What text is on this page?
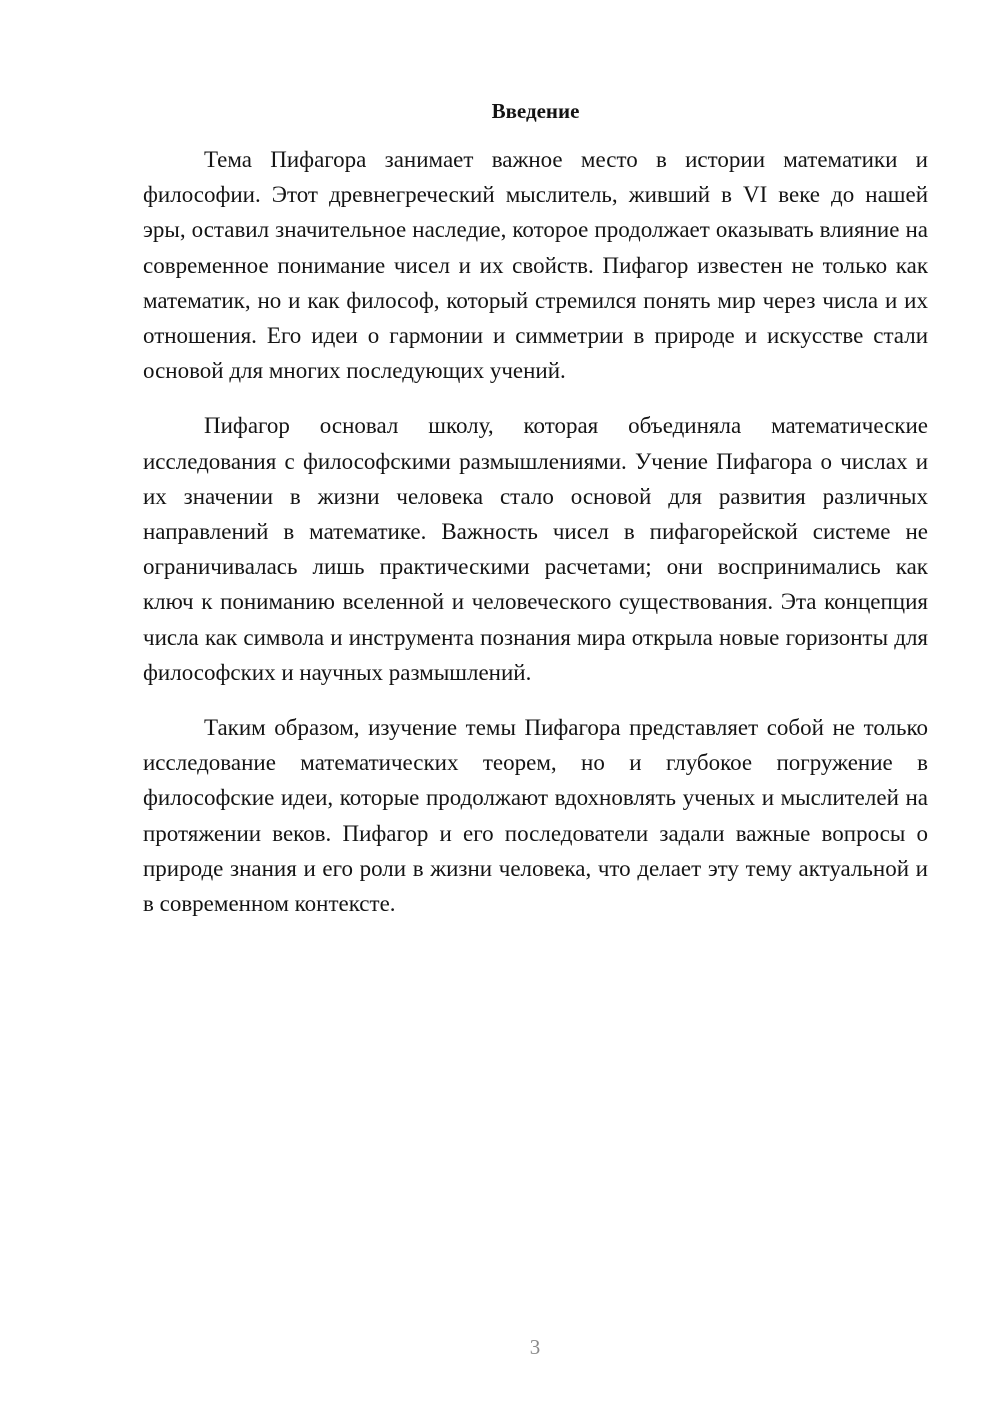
Введение

Тема Пифагора занимает важное место в истории математики и философии. Этот древнегреческий мыслитель, живший в VI веке до нашей эры, оставил значительное наследие, которое продолжает оказывать влияние на современное понимание чисел и их свойств. Пифагор известен не только как математик, но и как философ, который стремился понять мир через числа и их отношения. Его идеи о гармонии и симметрии в природе и искусстве стали основой для многих последующих учений.

Пифагор основал школу, которая объединяла математические исследования с философскими размышлениями. Учение Пифагора о числах и их значении в жизни человека стало основой для развития различных направлений в математике. Важность чисел в пифагорейской системе не ограничивалась лишь практическими расчетами; они воспринимались как ключ к пониманию вселенной и человеческого существования. Эта концепция числа как символа и инструмента познания мира открыла новые горизонты для философских и научных размышлений.

Таким образом, изучение темы Пифагора представляет собой не только исследование математических теорем, но и глубокое погружение в философские идеи, которые продолжают вдохновлять ученых и мыслителей на протяжении веков. Пифагор и его последователи задали важные вопросы о природе знания и его роли в жизни человека, что делает эту тему актуальной и в современном контексте.

3
